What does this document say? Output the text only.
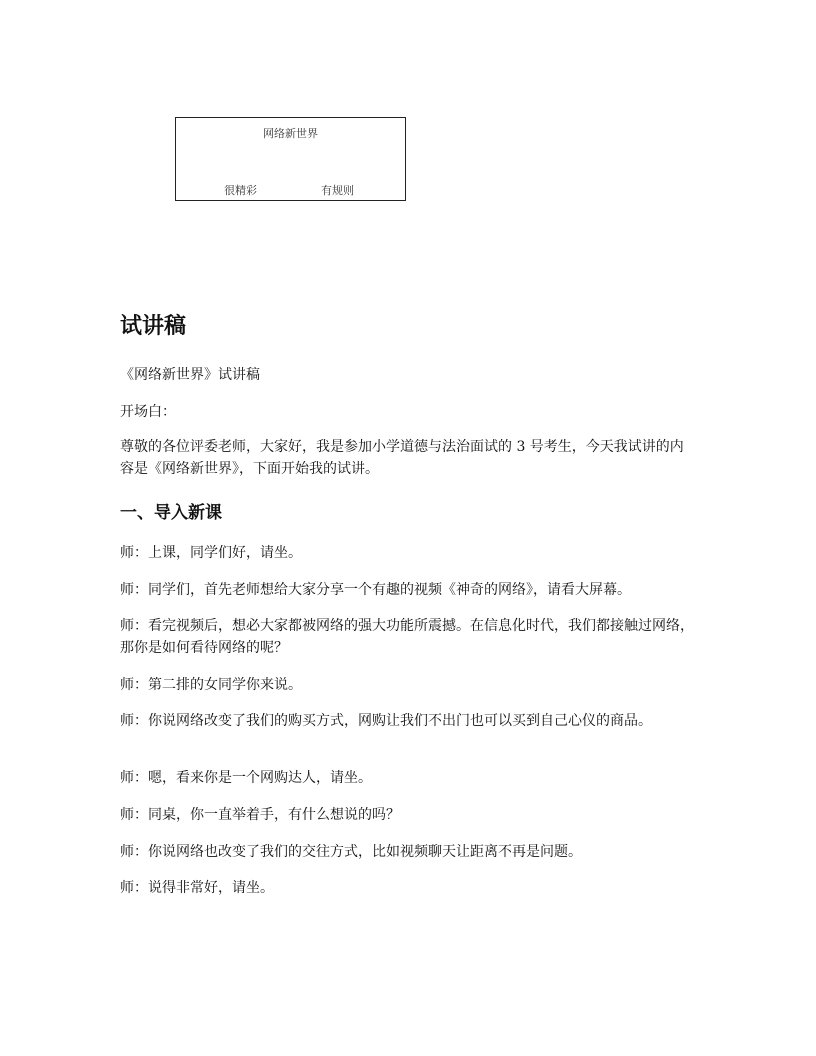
网络新世界
很精彩	有规则
试讲稿

《网络新世界》试讲稿

开场白：

尊敬的各位评委老师，大家好，我是参加小学道德与法治面试的 3 号考生，今天我试讲的内容是《网络新世界》，下面开始我的试讲。

一、导入新课

师：上课，同学们好，请坐。

师：同学们，首先老师想给大家分享一个有趣的视频《神奇的网络》，请看大屏幕。

师：看完视频后，想必大家都被网络的强大功能所震撼。在信息化时代，我们都接触过网络，那你是如何看待网络的呢？

师：第二排的女同学你来说。

师：你说网络改变了我们的购买方式，网购让我们不出门也可以买到自己心仪的商品。

师：嗯，看来你是一个网购达人，请坐。

师：同桌，你一直举着手，有什么想说的吗？

师：你说网络也改变了我们的交往方式，比如视频聊天让距离不再是问题。

师：说得非常好，请坐。
